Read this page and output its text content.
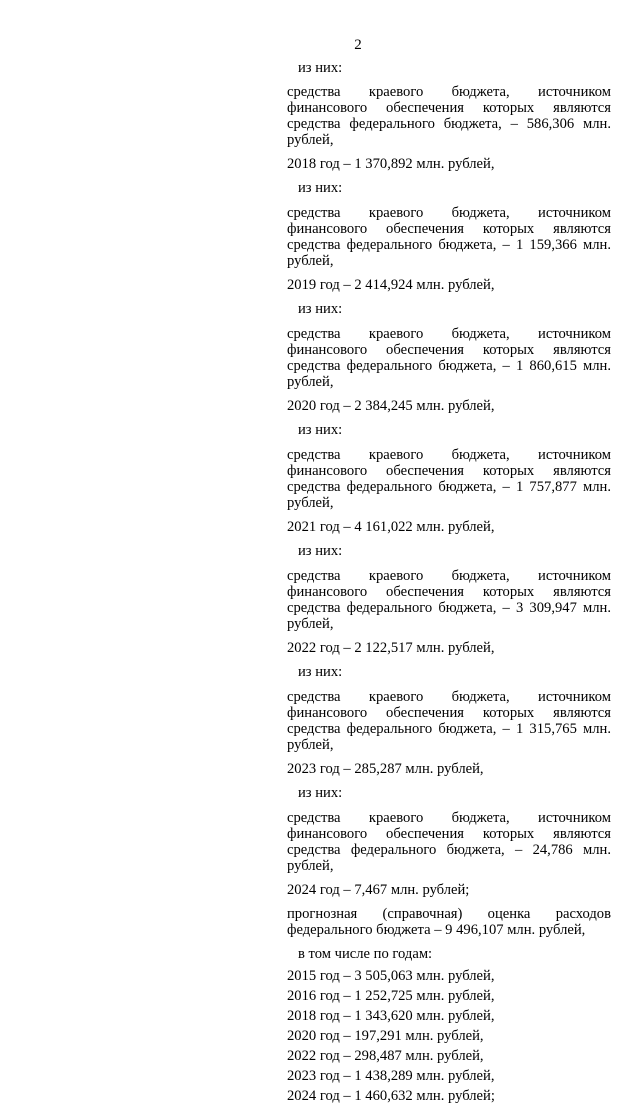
2

из них:

средства краевого бюджета, источником финансового обеспечения которых являются средства федерального бюджета, – 586,306 млн. рублей,

2018 год – 1 370,892 млн. рублей,

из них:

средства краевого бюджета, источником финансового обеспечения которых являются средства федерального бюджета, – 1 159,366 млн. рублей,

2019 год – 2 414,924 млн. рублей,

из них:

средства краевого бюджета, источником финансового обеспечения которых являются средства федерального бюджета, – 1 860,615 млн. рублей,

2020 год – 2 384,245 млн. рублей,

из них:

средства краевого бюджета, источником финансового обеспечения которых являются средства федерального бюджета, – 1 757,877 млн. рублей,

2021 год – 4 161,022 млн. рублей,

из них:

средства краевого бюджета, источником финансового обеспечения которых являются средства федерального бюджета, – 3 309,947 млн. рублей,

2022 год – 2 122,517 млн. рублей,

из них:

средства краевого бюджета, источником финансового обеспечения которых являются средства федерального бюджета, – 1 315,765 млн. рублей,

2023 год – 285,287 млн. рублей,

из них:

средства краевого бюджета, источником финансового обеспечения которых являются средства федерального бюджета, – 24,786 млн. рублей,

2024 год – 7,467 млн. рублей;

прогнозная (справочная) оценка расходов федерального бюджета – 9 496,107 млн. рублей,

в том числе по годам:

2015 год – 3 505,063 млн. рублей,

2016 год – 1 252,725 млн. рублей,

2018 год – 1 343,620 млн. рублей,

2020 год – 197,291 млн. рублей,

2022 год – 298,487 млн. рублей,

2023 год – 1 438,289 млн. рублей,

2024 год – 1 460,632 млн. рублей;
